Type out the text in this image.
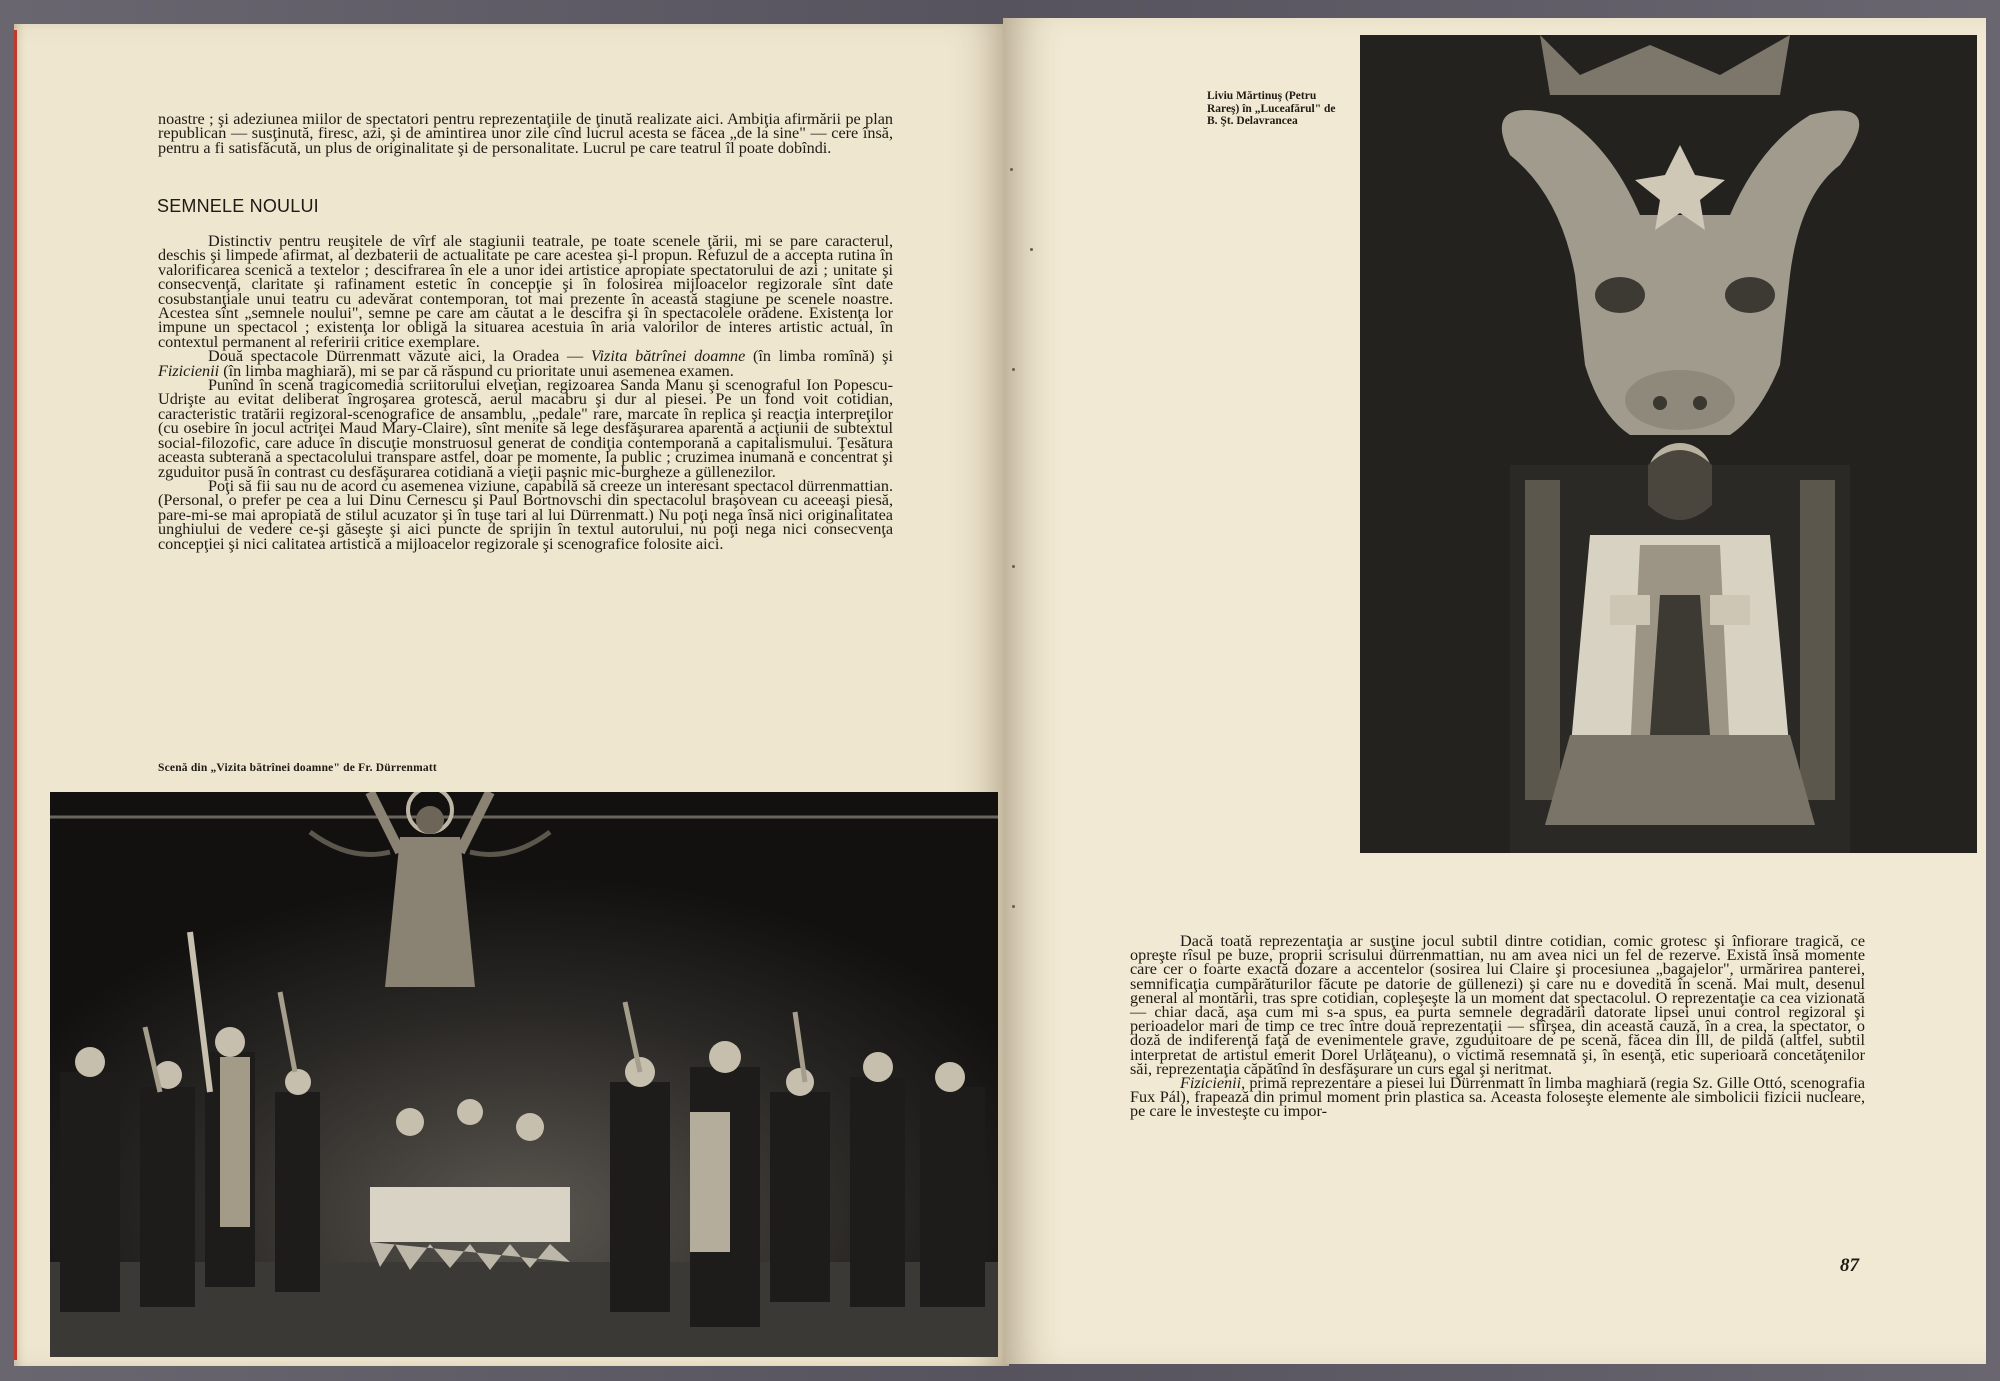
noastre ; şi adeziunea miilor de spectatori pentru reprezentaţiile de ţinută realizate aici. Ambiţia afirmării pe plan republican — susţinută, firesc, azi, şi de amintirea unor zile cînd lucrul acesta se făcea „de la sine" — cere însă, pentru a fi satisfăcută, un plus de originalitate şi de personalitate. Lucrul pe care teatrul îl poate dobîndi.

SEMNELE NOULUI

Distinctiv pentru reuşitele de vîrf ale stagiunii teatrale, pe toate scenele ţării, mi se pare caracterul, deschis şi limpede afirmat, al dezbaterii de actualitate pe care acestea şi-l propun. Refuzul de a accepta rutina în valorificarea scenică a textelor ; descifrarea în ele a unor idei artistice apropiate spectatorului de azi ; unitate şi consecvenţă, claritate şi rafinament estetic în concepţie şi în folosirea mijloacelor regizorale sînt date cosubstanţiale unui teatru cu adevărat contemporan, tot mai prezente în această stagiune pe scenele noastre. Acestea sînt „semnele noului", semne pe care am căutat a le descifra şi în spectacolele orădene. Existenţa lor impune un spectacol ; existenţa lor obligă la situarea acestuia în aria valorilor de interes artistic actual, în contextul permanent al referirii critice exemplare.

Două spectacole Dürrenmatt văzute aici, la Oradea — Vizita bătrînei doamne (în limba romînă) şi Fizicienii (în limba maghiară), mi se par că răspund cu prioritate unui asemenea examen.

Punînd în scenă tragicomedia scriitorului elveţian, regizoarea Sanda Manu şi scenograful Ion Popescu-Udrişte au evitat deliberat îngroşarea grotescă, aerul macabru şi dur al piesei. Pe un fond voit cotidian, caracteristic tratării regizoral-scenografice de ansamblu, „pedale" rare, marcate în replica şi reacţia interpreţilor (cu osebire în jocul actriţei Maud Mary-Claire), sînt menite să lege desfăşurarea aparentă a acţiunii de subtextul social-filozofic, care aduce în discuţie monstruosul generat de condiţia contemporană a capitalismului. Ţesătura aceasta subterană a spectacolului transpare astfel, doar pe momente, la public ; cruzimea inumană e concentrat şi zguduitor pusă în contrast cu desfăşurarea cotidiană a vieţii paşnic mic-burgheze a güllenezilor.

Poţi să fii sau nu de acord cu asemenea viziune, capabilă să creeze un interesant spectacol dürrenmattian. (Personal, o prefer pe cea a lui Dinu Cernescu şi Paul Bortnovschi din spectacolul braşovean cu aceeaşi piesă, pare-mi-se mai apropiată de stilul acuzator şi în tuşe tari al lui Dürrenmatt.) Nu poţi nega însă nici originalitatea unghiului de vedere ce-şi găseşte şi aici puncte de sprijin în textul autorului, nu poţi nega nici consecvenţa concepţiei şi nici calitatea artistică a mijloacelor regizorale şi scenografice folosite aici.

Scenă din „Vizita bătrînei doamne" de Fr. Dürrenmatt
Liviu Mărtinuş (Petru Rareş) în „Luceafărul" de B. Şt. Delavrancea

Dacă toată reprezentaţia ar susţine jocul subtil dintre cotidian, comic grotesc şi înfiorare tragică, ce opreşte rîsul pe buze, proprii scrisului dürrenmattian, nu am avea nici un fel de rezerve. Există însă momente care cer o foarte exactă dozare a accentelor (sosirea lui Claire şi procesiunea „bagajelor", urmărirea panterei, semnificaţia cumpărăturilor făcute pe datorie de güllenezi) şi care nu e dovedită în scenă. Mai mult, desenul general al montării, tras spre cotidian, copleşeşte la un moment dat spectacolul. O reprezentaţie ca cea vizionată — chiar dacă, aşa cum mi s-a spus, ea purta semnele degradării datorate lipsei unui control regizoral şi perioadelor mari de timp ce trec între două reprezentaţii — sfîrşea, din această cauză, în a crea, la spectator, o doză de indiferenţă faţă de evenimentele grave, zguduitoare de pe scenă, făcea din Ill, de pildă (altfel, subtil interpretat de artistul emerit Dorel Urlăţeanu), o victimă resemnată şi, în esenţă, etic superioară concetăţenilor săi, reprezentaţia căpătînd în desfăşurare un curs egal şi neritmat.

Fizicienii, primă reprezentare a piesei lui Dürrenmatt în limba maghiară (regia Sz. Gille Ottó, scenografia Fux Pál), frapează din primul moment prin plastica sa. Aceasta foloseşte elemente ale simbolicii fizicii nucleare, pe care le investeşte cu impor-

87
